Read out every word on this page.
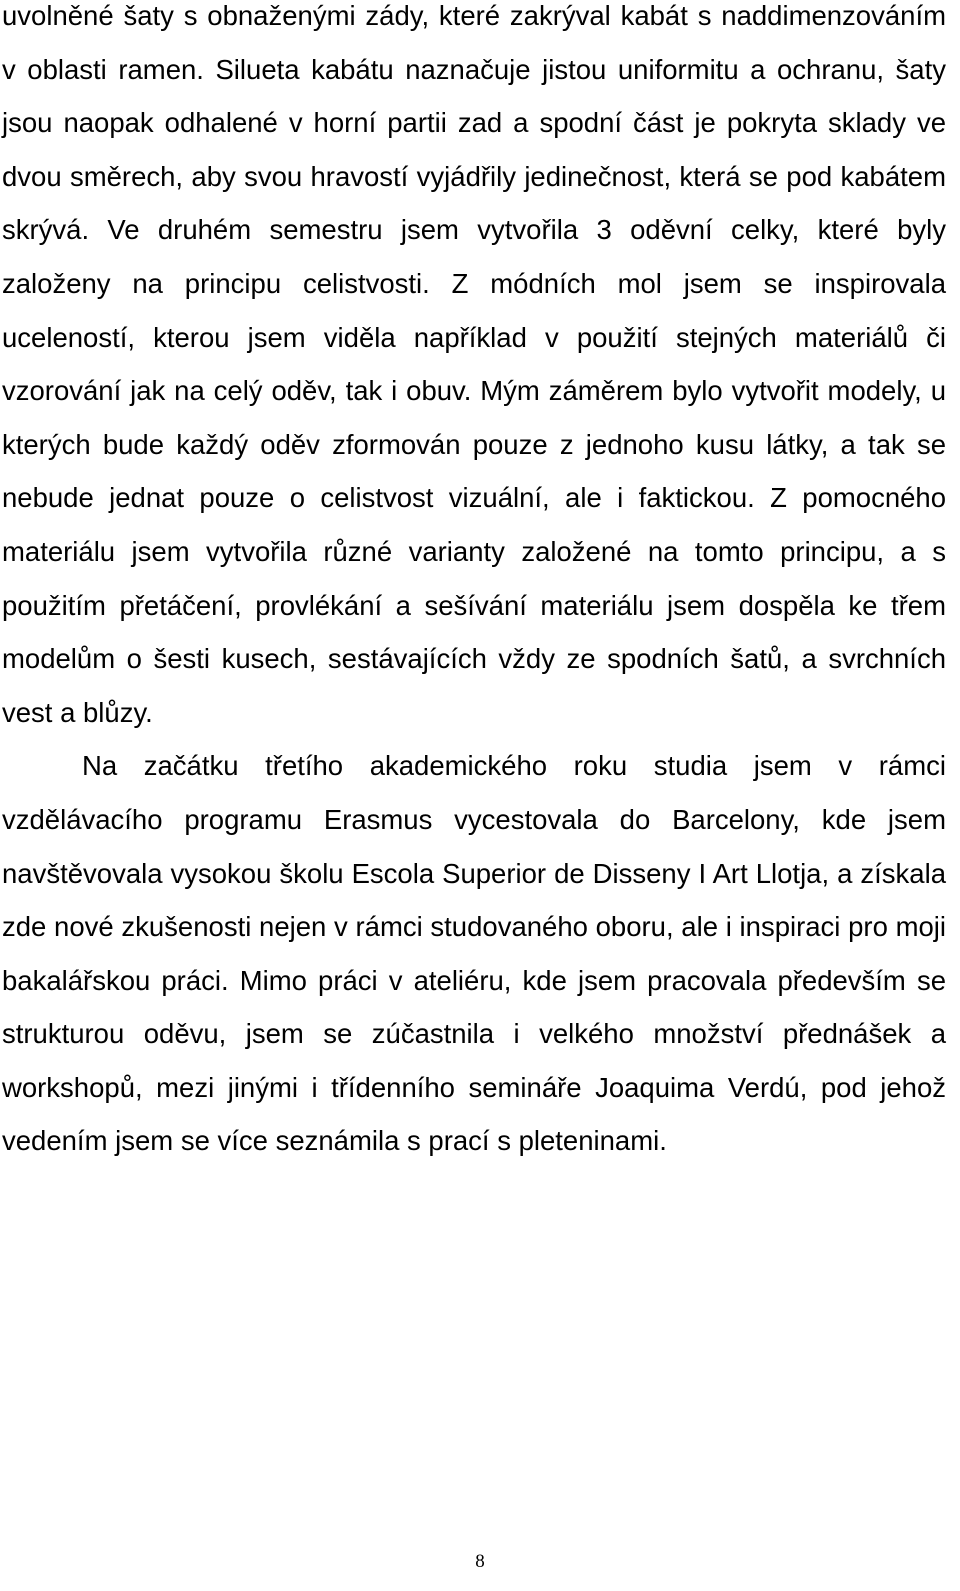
uvolněné šaty s obnaženými zády, které zakrýval kabát s naddimenzováním v oblasti ramen. Silueta kabátu naznačuje jistou uniformitu a ochranu, šaty jsou naopak odhalené v horní partii zad a spodní část je pokryta sklady ve dvou směrech, aby svou hravostí vyjádřily jedinečnost, která se pod kabátem skrývá. Ve druhém semestru jsem vytvořila 3 oděvní celky, které byly založeny na principu celistvosti. Z módních mol jsem se inspirovala uceleností, kterou jsem viděla například v použití stejných materiálů či vzorování jak na celý oděv, tak i obuv. Mým záměrem bylo vytvořit modely, u kterých bude každý oděv zformován pouze z jednoho kusu látky, a tak se nebude jednat pouze o celistvost vizuální, ale i faktickou. Z pomocného materiálu jsem vytvořila různé varianty založené na tomto principu, a s použitím přetáčení, provlékání a sešívání materiálu jsem dospěla ke třem modelům o šesti kusech, sestávajících vždy ze spodních šatů, a svrchních vest a blůzy.

Na začátku třetího akademického roku studia jsem v rámci vzdělávacího programu Erasmus vycestovala do Barcelony, kde jsem navštěvovala vysokou školu Escola Superior de Disseny I Art Llotja, a získala zde nové zkušenosti nejen v rámci studovaného oboru, ale i inspiraci pro moji bakalářskou práci. Mimo práci v ateliéru, kde jsem pracovala především se strukturou oděvu, jsem se zúčastnila i velkého množství přednášek a workshopů, mezi jinými i třídenního semináře Joaquima Verdú, pod jehož vedením jsem se více seznámila s prací s pleteninami.

8
